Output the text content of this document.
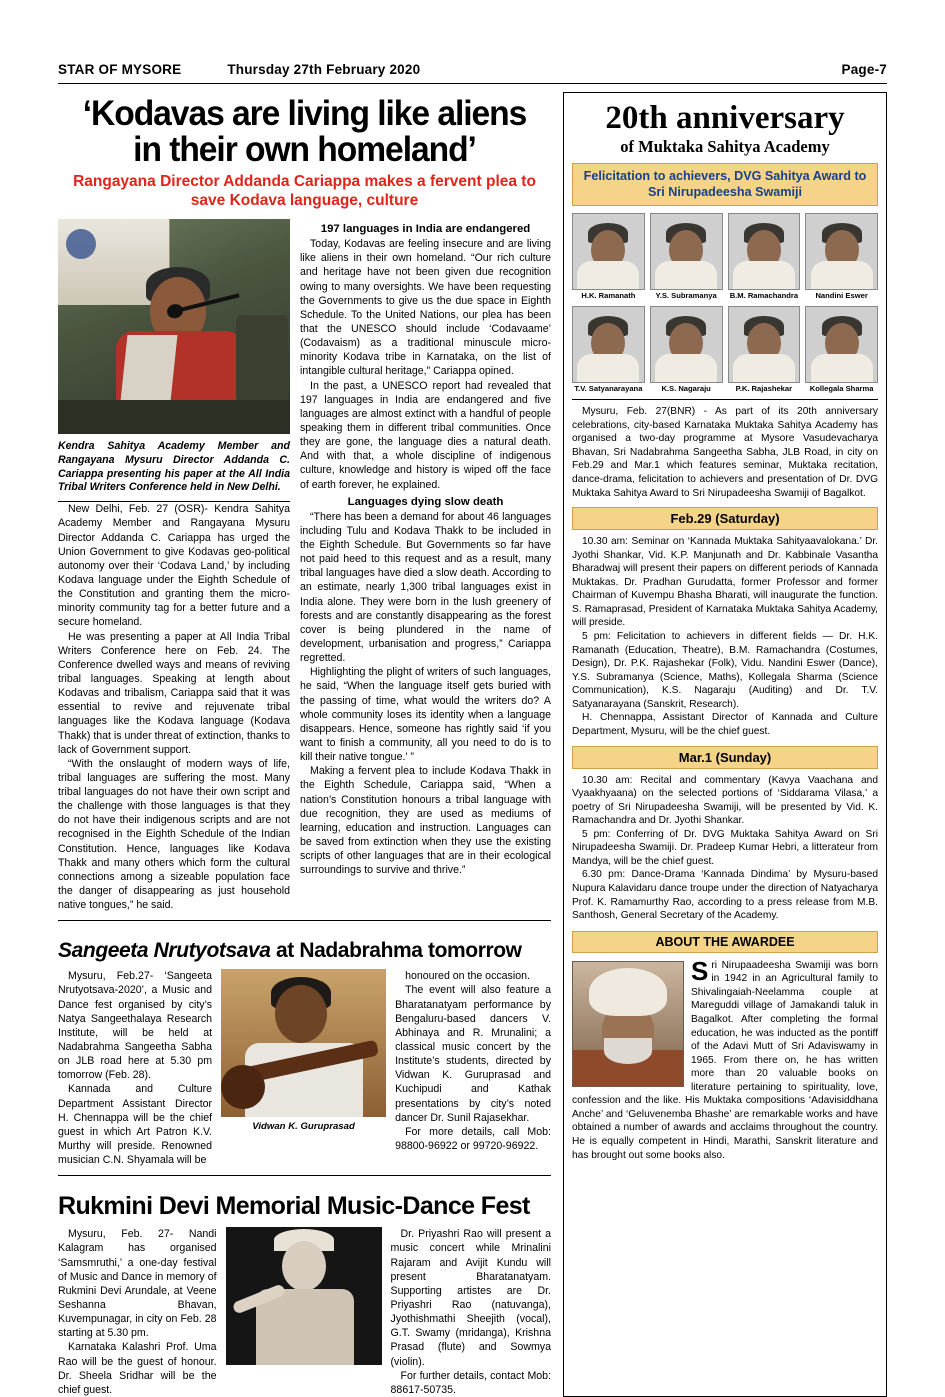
STAR OF MYSORE	Thursday 27th February 2020	Page-7
‘Kodavas are living like aliens in their own homeland’
Rangayana Director Addanda Cariappa makes a fervent plea to save Kodava language, culture
Kendra Sahitya Academy Member and Rangayana Mysuru Director Addanda C. Cariappa presenting his paper at the All India Tribal Writers Conference held in New Delhi.

New Delhi, Feb. 27 (OSR)- Kendra Sahitya Academy Member and Rangayana Mysuru Director Addanda C. Cariappa has urged the Union Government to give Kodavas geo-political autonomy over their ‘Codava Land,’ by including Kodava language under the Eighth Schedule of the Constitution and granting them the micro-minority community tag for a better future and a secure homeland.

He was presenting a paper at All India Tribal Writers Conference here on Feb. 24. The Conference dwelled ways and means of reviving tribal languages. Speaking at length about Kodavas and tribalism, Cariappa said that it was essential to revive and rejuvenate tribal languages like the Kodava language (Kodava Thakk) that is under threat of extinction, thanks to lack of Government support.

“With the onslaught of modern ways of life, tribal languages are suffering the most. Many tribal languages do not have their own script and the challenge with those languages is that they do not have their indigenous scripts and are not recognised in the Eighth Schedule of the Indian Constitution. Hence, languages like Kodava Thakk and many others which form the cultural connections among a sizeable population face the danger of disappearing as just household native tongues,” he said.

197 languages in India are endangered

Today, Kodavas are feeling insecure and are living like aliens in their own homeland. “Our rich culture and heritage have not been given due recognition owing to many oversights. We have been requesting the Governments to give us the due space in Eighth Schedule. To the United Nations, our plea has been that the UNESCO should include ‘Codavaame’ (Codavaism) as a traditional minuscule micro-minority Kodava tribe in Karnataka, on the list of intangible cultural heritage,” Cariappa opined.

In the past, a UNESCO report had revealed that 197 languages in India are endangered and five languages are almost extinct with a handful of people speaking them in different tribal communities. Once they are gone, the language dies a natural death. And with that, a whole discipline of indigenous culture, knowledge and history is wiped off the face of earth forever, he explained.

Languages dying slow death

“There has been a demand for about 46 languages including Tulu and Kodava Thakk to be included in the Eighth Schedule. But Governments so far have not paid heed to this request and as a result, many tribal languages have died a slow death. According to an estimate, nearly 1,300 tribal languages exist in India alone. They were born in the lush greenery of forests and are constantly disappearing as the forest cover is being plundered in the name of development, urbanisation and progress,” Cariappa regretted.

Highlighting the plight of writers of such languages, he said, “When the language itself gets buried with the passing of time, what would the writers do? A whole community loses its identity when a language disappears. Hence, someone has rightly said ‘if you want to finish a community, all you need to do is to kill their native tongue.’ ”

Making a fervent plea to include Kodava Thakk in the Eighth Schedule, Cariappa said, “When a nation’s Constitution honours a tribal language with due recognition, they are used as mediums of learning, education and instruction. Languages can be saved from extinction when they use the existing scripts of other languages that are in their ecological surroundings to survive and thrive.”

Sangeeta Nrutyotsava at Nadabrahma tomorrow

Mysuru, Feb.27- ‘Sangeeta Nrutyotsava-2020’, a Music and Dance fest organised by city’s Natya Sangeethalaya Research Institute, will be held at Nadabrahma Sangeetha Sabha on JLB road here at 5.30 pm tomorrow (Feb. 28).

Kannada and Culture Department Assistant Director H. Chennappa will be the chief guest in which Art Patron K.V. Murthy will preside. Renowned musician C.N. Shyamala will be

Vidwan K. Guruprasad

honoured on the occasion.

The event will also feature a Bharatanatyam performance by Bengaluru-based dancers V. Abhinaya and R. Mrunalini; a classical music concert by the Institute’s students, directed by Vidwan K. Guruprasad and Kuchipudi and Kathak presentations by city’s noted dancer Dr. Sunil Rajasekhar.

For more details, call Mob: 98800-96922 or 99720-96922.

Rukmini Devi Memorial Music-Dance Fest

Mysuru, Feb. 27- Nandi Kalagram has organised ‘Samsmruthi,’ a one-day festival of Music and Dance in memory of Rukmini Devi Arundale, at Veene Seshanna Bhavan, Kuvempunagar, in city on Feb. 28 starting at 5.30 pm.

Karnataka Kalashri Prof. Uma Rao will be the guest of honour. Dr. Sheela Sridhar will be the chief guest.

Dr. Priyashri Rao will present a music concert while Mrinalini Rajaram and Avijit Kundu will present Bharatanatyam. Supporting artistes are Dr. Priyashri Rao (natuvanga), Jyothishmathi Sheejith (vocal), G.T. Swamy (mridanga), Krishna Prasad (flute) and Sowmya (violin).

For further details, contact Mob: 88617-50735.

20th anniversary
of Muktaka Sahitya Academy
Felicitation to achievers, DVG Sahitya Award to Sri Nirupadeesha Swamiji
H.K. Ramanath	Y.S. Subramanya	B.M. Ramachandra	Nandini Eswer
T.V. Satyanarayana	K.S. Nagaraju	P.K. Rajashekar	Kollegala Sharma

Mysuru, Feb. 27(BNR) - As part of its 20th anniversary celebrations, city-based Karnataka Muktaka Sahitya Academy has organised a two-day programme at Mysore Vasudevacharya Bhavan, Sri Nadabrahma Sangeetha Sabha, JLB Road, in city on Feb.29 and Mar.1 which features seminar, Muktaka recitation, dance-drama, felicitation to achievers and presentation of Dr. DVG Muktaka Sahitya Award to Sri Nirupadeesha Swamiji of Bagalkot.

Feb.29 (Saturday)

10.30 am: Seminar on ‘Kannada Muktaka Sahityaavalokana.’ Dr. Jyothi Shankar, Vid. K.P. Manjunath and Dr. Kabbinale Vasantha Bharadwaj will present their papers on different periods of Kannada Muktakas. Dr. Pradhan Gurudatta, former Professor and former Chairman of Kuvempu Bhasha Bharati, will inaugurate the function. S. Ramaprasad, President of Karnataka Muktaka Sahitya Academy, will preside.

5 pm: Felicitation to achievers in different fields — Dr. H.K. Ramanath (Education, Theatre), B.M. Ramachandra (Costumes, Design), Dr. P.K. Rajashekar (Folk), Vidu. Nandini Eswer (Dance), Y.S. Subramanya (Science, Maths), Kollegala Sharma (Science Communication), K.S. Nagaraju (Auditing) and Dr. T.V. Satyanarayana (Sanskrit, Research).

H. Chennappa, Assistant Director of Kannada and Culture Department, Mysuru, will be the chief guest.

Mar.1 (Sunday)

10.30 am: Recital and commentary (Kavya Vaachana and Vyaakhyaana) on the selected portions of ‘Siddarama Vilasa,’ a poetry of Sri Nirupadeesha Swamiji, will be presented by Vid. K. Ramachandra and Dr. Jyothi Shankar.

5 pm: Conferring of Dr. DVG Muktaka Sahitya Award on Sri Nirupadeesha Swamiji. Dr. Pradeep Kumar Hebri, a litterateur from Mandya, will be the chief guest.

6.30 pm: Dance-Drama ‘Kannada Dindima’ by Mysuru-based Nupura Kalavidaru dance troupe under the direction of Natyacharya Prof. K. Ramamurthy Rao, according to a press release from M.B. Santhosh, General Secretary of the Academy.

ABOUT THE AWARDEE
S ri Nirupaadeesha Swamiji was born in 1942 in an Agricultural family to Shivalingaiah-Neelamma couple at Mareguddi village of Jamakandi taluk in Bagalkot. After completing the formal education, he was inducted as the pontiff of the Adavi Mutt of Sri Adaviswamy in 1965. From there on, he has written more than 20 valuable books on literature pertaining to spirituality, love, confession and the like. His Muktaka compositions ‘Adavisiddhana Anche’ and ‘Geluvenemba Bhashe’ are remarkable works and have obtained a number of awards and acclaims throughout the country. He is equally competent in Hindi, Marathi, Sanskrit literature and has brought out some books also.
